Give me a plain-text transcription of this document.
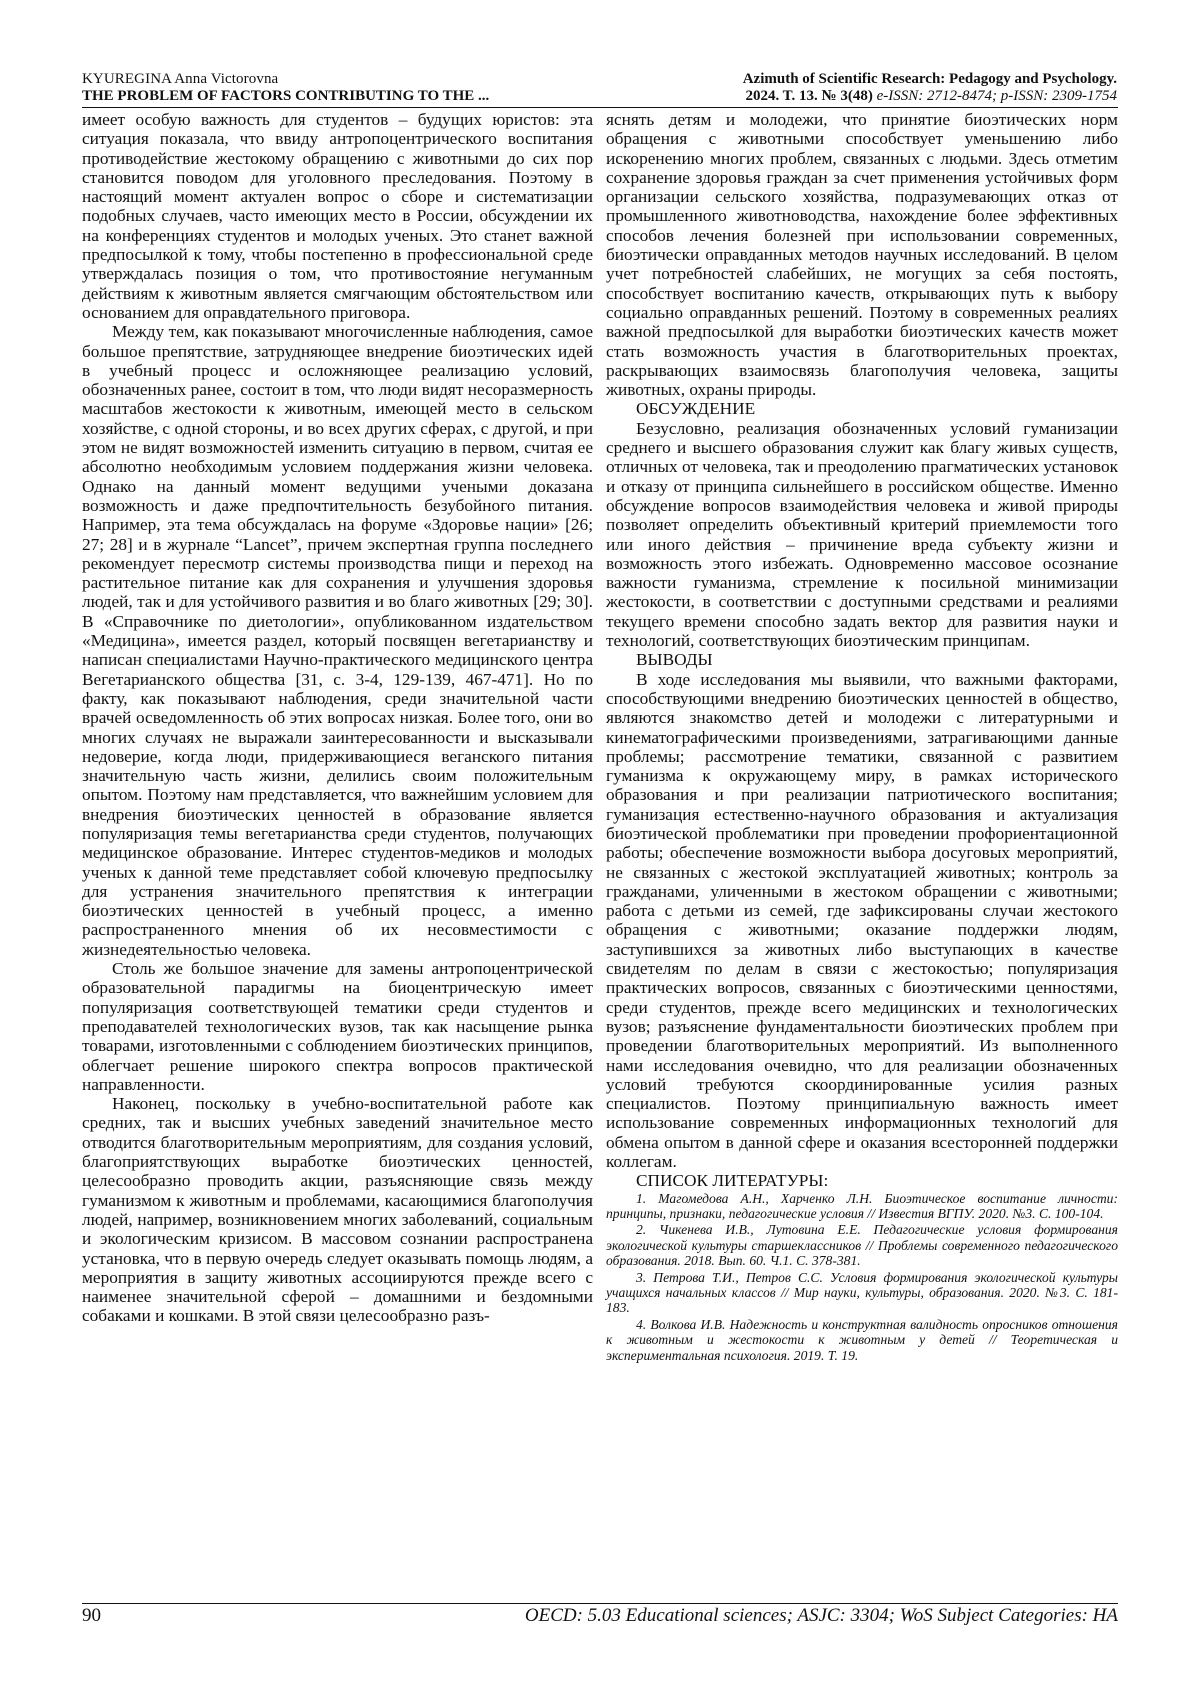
KYUREGINA Anna Victorovna
THE PROBLEM OF FACTORS CONTRIBUTING TO THE ...
Azimuth of Scientific Research: Pedagogy and Psychology.
2024. T. 13. № 3(48) e-ISSN: 2712-8474; p-ISSN: 2309-1754

имеет особую важность для студентов – будущих юристов: эта ситуация показала, что ввиду антропоцентрического воспитания противодействие жестокому обращению с животными до сих пор становится поводом для уголовного преследования. Поэтому в настоящий момент актуален вопрос о сборе и систематизации подобных случаев, часто имеющих место в России, обсуждении их на конференциях студентов и молодых ученых. Это станет важной предпосылкой к тому, чтобы постепенно в профессиональной среде утверждалась позиция о том, что противостояние негуманным действиям к животным является смягчающим обстоятельством или основанием для оправдательного приговора.

Между тем, как показывают многочисленные наблюдения, самое большое препятствие, затрудняющее внедрение биоэтических идей в учебный процесс и осложняющее реализацию условий, обозначенных ранее, состоит в том, что люди видят несоразмерность масштабов жестокости к животным, имеющей место в сельском хозяйстве, с одной стороны, и во всех других сферах, с другой, и при этом не видят возможностей изменить ситуацию в первом, считая ее абсолютно необходимым условием поддержания жизни человека. Однако на данный момент ведущими учеными доказана возможность и даже предпочтительность безубойного питания. Например, эта тема обсуждалась на форуме «Здоровье нации» [26; 27; 28] и в журнале “Lancet”, причем экспертная группа последнего рекомендует пересмотр системы производства пищи и переход на растительное питание как для сохранения и улучшения здоровья людей, так и для устойчивого развития и во благо животных [29; 30]. В «Справочнике по диетологии», опубликованном издательством «Медицина», имеется раздел, который посвящен вегетарианству и написан специалистами Научно-практического медицинского центра Вегетарианского общества [31, с. 3-4, 129-139, 467-471]. Но по факту, как показывают наблюдения, среди значительной части врачей осведомленность об этих вопросах низкая. Более того, они во многих случаях не выражали заинтересованности и высказывали недоверие, когда люди, придерживающиеся веганского питания значительную часть жизни, делились своим положительным опытом. Поэтому нам представляется, что важнейшим условием для внедрения биоэтических ценностей в образование является популяризация темы вегетарианства среди студентов, получающих медицинское образование. Интерес студентов-медиков и молодых ученых к данной теме представляет собой ключевую предпосылку для устранения значительного препятствия к интеграции биоэтических ценностей в учебный процесс, а именно распространенного мнения об их несовместимости с жизнедеятельностью человека.

Столь же большое значение для замены антропоцентрической образовательной парадигмы на биоцентрическую имеет популяризация соответствующей тематики среди студентов и преподавателей технологических вузов, так как насыщение рынка товарами, изготовленными с соблюдением биоэтических принципов, облегчает решение широкого спектра вопросов практической направленности.

Наконец, поскольку в учебно-воспитательной работе как средних, так и высших учебных заведений значительное место отводится благотворительным мероприятиям, для создания условий, благоприятствующих выработке биоэтических ценностей, целесообразно проводить акции, разъясняющие связь между гуманизмом к животным и проблемами, касающимися благополучия людей, например, возникновением многих заболеваний, социальным и экологическим кризисом. В массовом сознании распространена установка, что в первую очередь следует оказывать помощь людям, а мероприятия в защиту животных ассоциируются прежде всего с наименее значительной сферой – домашними и бездомными собаками и кошками. В этой связи целесообразно разъ-

яснять детям и молодежи, что принятие биоэтических норм обращения с животными способствует уменьшению либо искоренению многих проблем, связанных с людьми. Здесь отметим сохранение здоровья граждан за счет применения устойчивых форм организации сельского хозяйства, подразумевающих отказ от промышленного животноводства, нахождение более эффективных способов лечения болезней при использовании современных, биоэтически оправданных методов научных исследований. В целом учет потребностей слабейших, не могущих за себя постоять, способствует воспитанию качеств, открывающих путь к выбору социально оправданных решений. Поэтому в современных реалиях важной предпосылкой для выработки биоэтических качеств может стать возможность участия в благотворительных проектах, раскрывающих взаимосвязь благополучия человека, защиты животных, охраны природы.

ОБСУЖДЕНИЕ

Безусловно, реализация обозначенных условий гуманизации среднего и высшего образования служит как благу живых существ, отличных от человека, так и преодолению прагматических установок и отказу от принципа сильнейшего в российском обществе. Именно обсуждение вопросов взаимодействия человека и живой природы позволяет определить объективный критерий приемлемости того или иного действия – причинение вреда субъекту жизни и возможность этого избежать. Одновременно массовое осознание важности гуманизма, стремление к посильной минимизации жестокости, в соответствии с доступными средствами и реалиями текущего времени способно задать вектор для развития науки и технологий, соответствующих биоэтическим принципам.

ВЫВОДЫ

В ходе исследования мы выявили, что важными факторами, способствующими внедрению биоэтических ценностей в общество, являются знакомство детей и молодежи с литературными и кинематографическими произведениями, затрагивающими данные проблемы; рассмотрение тематики, связанной с развитием гуманизма к окружающему миру, в рамках исторического образования и при реализации патриотического воспитания; гуманизация естественно-научного образования и актуализация биоэтической проблематики при проведении профориентационной работы; обеспечение возможности выбора досуговых мероприятий, не связанных с жестокой эксплуатацией животных; контроль за гражданами, уличенными в жестоком обращении с животными; работа с детьми из семей, где зафиксированы случаи жестокого обращения с животными; оказание поддержки людям, заступившихся за животных либо выступающих в качестве свидетелям по делам в связи с жестокостью; популяризация практических вопросов, связанных с биоэтическими ценностями, среди студентов, прежде всего медицинских и технологических вузов; разъяснение фундаментальности биоэтических проблем при проведении благотворительных мероприятий. Из выполненного нами исследования очевидно, что для реализации обозначенных условий требуются скоординированные усилия разных специалистов. Поэтому принципиальную важность имеет использование современных информационных технологий для обмена опытом в данной сфере и оказания всесторонней поддержки коллегам.

СПИСОК ЛИТЕРАТУРЫ:
1. Магомедова А.Н., Харченко Л.Н. Биоэтическое воспитание личности: принципы, признаки, педагогические условия // Известия ВГПУ. 2020. №3. С. 100-104.
2. Чикенева И.В., Лутовина Е.Е. Педагогические условия формирования экологической культуры старшеклассников // Проблемы современного педагогического образования. 2018. Вып. 60. Ч.1. С. 378-381.
3. Петрова Т.И., Петров С.С. Условия формирования экологической культуры учащихся начальных классов // Мир науки, культуры, образования. 2020. №3. С. 181-183.
4. Волкова И.В. Надежность и конструктная валидность опросников отношения к животным и жестокости к животным у детей // Теоретическая и экспериментальная психология. 2019. Т. 19.
90	OECD: 5.03 Educational sciences; ASJC: 3304; WoS Subject Categories: HA
